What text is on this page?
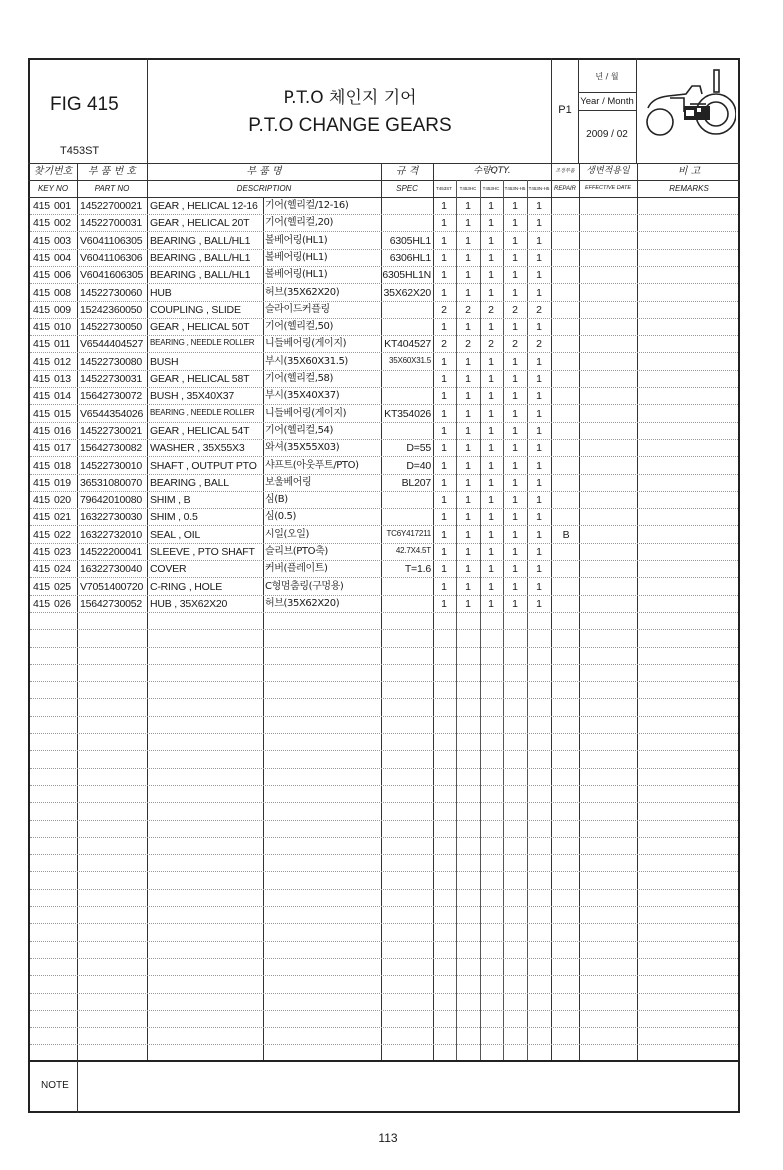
FIG 415
T453ST
P.T.O 체인지 기어
P.T.O CHANGE GEARS
P1
년 / 월
Year / Month
2009 / 02
찾기번호
KEY NO
부 품 번 호
PART NO
부 품 명
DESCRIPTION
규 격
SPEC
수량QTY.
T453ST T453HC T453HC T453N-H5 T453N-H5
조정부품
REPAIR
생변적용일
EFFECTIVE DATE
비 고
REMARKS
415 001 14522700021 GEAR , HELICAL 12-16 기어(헬리컬/12-16)	1 1 1 1 1
415 002 14522700031 GEAR , HELICAL 20T 기어(헬리컬,20)	1 1 1 1 1
415 003 V6041106305 BEARING , BALL/HL1 볼베어링(HL1)	6305HL1 1 1 1 1 1
415 004 V6041106306 BEARING , BALL/HL1 볼베어링(HL1)	6306HL1 1 1 1 1 1
415 006 V6041606305 BEARING , BALL/HL1 볼베어링(HL1)	6305HL1N 1 1 1 1 1
415 008 14522730060 HUB	허브(35X62X20)	35X62X20 1 1 1 1 1
415 009 15242360050 COUPLING , SLIDE 슬라이드커플링	2 2 2 2 2
415 010 14522730050 GEAR , HELICAL 50T 기어(헬리컬,50)	1 1 1 1 1
415 011 V6544404527 BEARING , NEEDLE ROLLER 니들베어링(게이지)	KT404527 2 2 2 2 2
415 012 14522730080 BUSH	부시(35X60X31.5)	35X60X31.5 1 1 1 1 1
415 013 14522730031 GEAR , HELICAL 58T 기어(헬리컬,58)	1 1 1 1 1
415 014 15642730072 BUSH , 35X40X37	부시(35X40X37)	1 1 1 1 1
415 015 V6544354026 BEARING , NEEDLE ROLLER 니들베어링(게이지)	KT354026 1 1 1 1 1
415 016 14522730021 GEAR , HELICAL 54T 기어(헬리컬,54)	1 1 1 1 1
415 017 15642730082 WASHER , 35X55X3 와셔(35X55X03)	D=55 1 1 1 1 1
415 018 14522730010 SHAFT , OUTPUT PTO 샤프트(아웃푸트/PTO)	D=40 1 1 1 1 1
415 019 36531080070 BEARING , BALL	보울베어링	BL207 1 1 1 1 1
415 020 79642010080 SHIM , B	심(B)	1 1 1 1 1
415 021 16322730030 SHIM , 0.5	심(0.5)	1 1 1 1 1
415 022 16322732010 SEAL , OIL	시일(오일)	TC6Y417211 1 1 1 1 1 B
415 023 14522200041 SLEEVE , PTO SHAFT 슬리브(PTO축)	42.7X4.5T 1 1 1 1 1
415 024 16322730040 COVER	커버(플레이트)	T=1.6 1 1 1 1 1
415 025 V7051400720 C-RING , HOLE	C형멈춤링(구멍용)	1 1 1 1 1
415 026 15642730052 HUB , 35X62X20	허브(35X62X20)	1 1 1 1 1
NOTE
113
